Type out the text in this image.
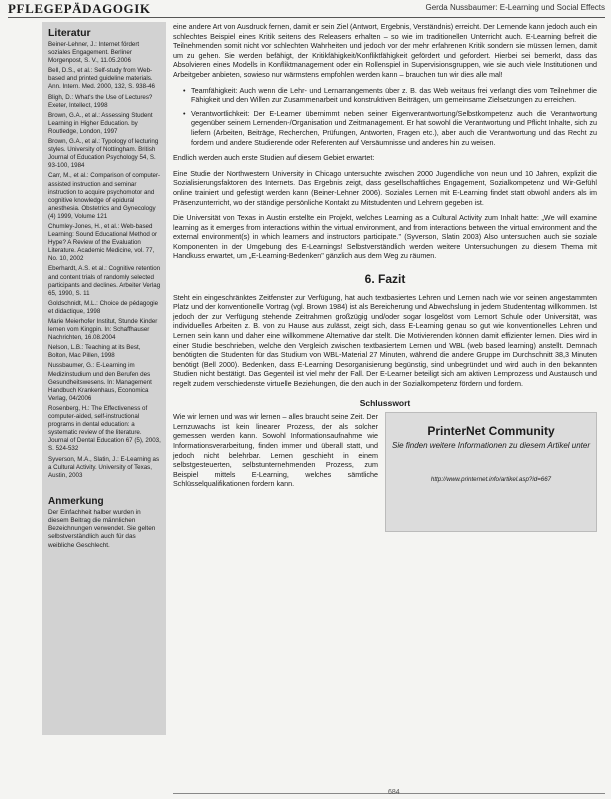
PFLEGEPÄDAGOGIK	Gerda Nussbaumer: E-Learning und Social Effects
Literatur
Beiner-Lehner, J.: Internet fördert soziales Engagement. Berliner Morgenpost, S. V., 11.05.2006
Bell, D.S., et al.: Self-study from Web-based and printed guideline materials. Ann. Intern. Med. 2000, 132, S. 938-46
Bligh, D.: What's the Use of Lectures? Exeter, Intellect, 1998
Brown, G.A., et al.: Assessing Student Learning in Higher Education. by Routledge, London, 1997
Brown, G.A., et al.: Typology of lecturing styles. University of Nottingham. British Journal of Education Psychology 54, S. 93-100, 1984
Carr, M., et al.: Comparison of computer-assisted instruction and seminar instruction to acquire psychomotor and cognitive knowledge of epidural anesthesia. Obstetrics and Gynecology (4) 1999, Volume 121
Chumley-Jones, H., et al.: Web-based Learning: Sound Educational Method or Hype? A Review of the Evaluation Literature. Academic Medicine, vol. 77, No. 10, 2002
Eberhardt, A.S. et al.: Cognitive retention and content trials of randomly selected participants and declines. Arbeiter Verlag 65, 1990, S. 11
Goldschnidt, M.L.: Choice de pédagogie et didactique, 1998
Marie Meierhofer Institut, Stunde Kinder lernen vom Kingpin. In: Schaffhauser Nachrichten, 16.08.2004
Nelson, L.B.: Teaching at its Best, Bolton, Mac Pillen, 1998
Nussbaumer, G.: E-Learning im Medizinstudium und den Berufen des Gesundheitswesens. In: Management Handbuch Krankenhaus, Economica Verlag, 04/2006
Rosenberg, H.: The Effectiveness of computer-aided, self-instructional programs in dental education: a systematic review of the literature. Journal of Dental Education 67 (5), 2003, S. 524-532
Syverson, M.A., Slatin, J.: E-Learning as a Cultural Activity. University of Texas, Austin, 2003
Anmerkung
Der Einfachheit halber wurden in diesem Beitrag die männlichen Bezeichnungen verwendet. Sie gelten selbstverständlich auch für das weibliche Geschlecht.

eine andere Art von Ausdruck fernen, damit er sein Ziel (Antwort, Ergebnis, Verständnis) erreicht. Der Lernende kann jedoch auch ein schlechtes Beispiel eines Kritik seitens des Releasers erhalten – so wie im traditionellen Unterricht auch. E-Learning befreit die Teilnehmenden somit nicht vor schlechten Wahrheiten und jedoch vor der mehr erfahrenen Kritik sondern sie müssen lernen, damit um zu gehen. Sie werden befähigt, der Kritikfähigkeit/Konfliktfähigkeit gefördert und gefordert. Hierbei sei bemerkt, dass das Absolvieren eines Modells in Konfliktmanagement oder ein Rollenspiel in Supervisionsgruppen, wie sie auch viele Institutionen und Arbeitgeber anbieten, sowieso nur wärmstens empfohlen werden kann – brauchen tun wir dies alle mal!

• Teamfähigkeit: Auch wenn die Lehr- und Lernarrangements über z. B. das Web weitaus frei verlangt dies vom Teilnehmer die Fähigkeit und den Willen zur Zusammenarbeit und konstruktiven Beiträgen, um gemeinsame Zielsetzungen zu erreichen.
• Verantwortlichkeit: Der E-Learner übernimmt neben seiner Eigenverantwortung/Selbstkompetenz auch die Verantwortung gegenüber seinem Lernenden-/Organisation und Zeitmanagement. Er hat sowohl die Verantwortung und Pflicht Inhalte, sich zu liefern (Arbeiten, Beiträge, Recherchen, Prüfungen, Antworten, Fragen etc.), aber auch die Verantwortung und das Recht zu fordern und andere Studierende oder Referenten auf Versäumnisse und anderes hin zu weisen.

Endlich werden auch erste Studien auf diesem Gebiet erwartet:

Eine Studie der Northwestern University in Chicago untersuchte zwischen 2000 Jugendliche von neun und 10 Jahren, explizit die Sozialisierungsfaktoren des Internets. Das Ergebnis zeigt, dass gesellschaftliches Engagement, Sozialkompetenz und Wir-Gefühl online trainiert und gefestigt werden kann (Beiner-Lehner 2006). Soziales Lernen mit E-Learning findet statt obwohl anders als im Präsenzunterricht, wo der ständige persönliche Kontakt zu Mitstudenten und Lehrern gegeben ist.

Die Universität von Texas in Austin erstellte ein Projekt, welches Learning as a Cultural Activity zum Inhalt hatte: „We will examine learning as it emerges from interactions within the virtual environment, and from interactions between the virtual environment and the external environment(s) in which learners and instructors participate." (Syverson, Slatin 2003) Also untersuchen auch sie soziale Komponenten in der Umgebung des E-Learnings! Selbstverständlich werden weitere Untersuchungen zu diesem Thema mit Handkuss erwartet, um „E-Learning-Bedenken" gänzlich aus dem Weg zu räumen.

6. Fazit

Steht ein eingeschränktes Zeitfenster zur Verfügung, hat auch textbasiertes Lehren und Lernen nach wie vor seinen angestammten Platz und der konventionelle Vortrag (vgl. Brown 1984) ist als Bereicherung und Abwechslung in jedem Studententag willkommen. Ist jedoch der zur Verfügung stehende Zeitrahmen großzügig und/oder sogar losgelöst vom Lernort Schule oder Universität, was individuelles Arbeiten z. B. von zu Hause aus zulässt, zeigt sich, dass E-Learning genau so gut wie konventionelles Lehren und Lernen sein kann und daher eine willkommene Alternative dar stellt. Die Motivierenden können damit effizienter lernen. Dies wird in einer Studie beschrieben, welche den Vergleich zwischen textbasiertem Lernen und WBL (web based learning) anstellt. Demnach benötigten die Studenten für das Studium von WBL-Material 27 Minuten, während die andere Gruppe im Durchschnitt 38,3 Minuten benötigt (Bell 2000). Bedenken, dass E-Learning Desorganisierung begünstig, sind unbegründet und wird auch in den bekannten Studien nicht bestätigt. Das Gegenteil ist viel mehr der Fall. Der E-Learner beteiligt sich am aktiven Lernprozess und Austausch und regelt zudem verschiedenste virtuelle Beziehungen, die den auch in der Sozialkompetenz fördern und fordern.

Schlusswort

Wie wir lernen und was wir lernen – alles braucht seine Zeit. Der Lernzuwachs ist kein linearer Prozess, der als solcher gemessen werden kann. Sowohl Informationsaufnahme wie Informationsverarbeitung, finden immer und überall statt, und jedoch nicht belehrbar. Lernen geschieht in einem selbstgesteuerten, selbstunternehmenden Prozess, zum Beispiel mittels E-Learning, welches sämtliche Schlüsselqualifikationen fordern kann.

PrinterNet Community
Sie finden weitere Informationen zu diesem Artikel unter
http://www.printernet.info/artikel.asp?id=667
684
